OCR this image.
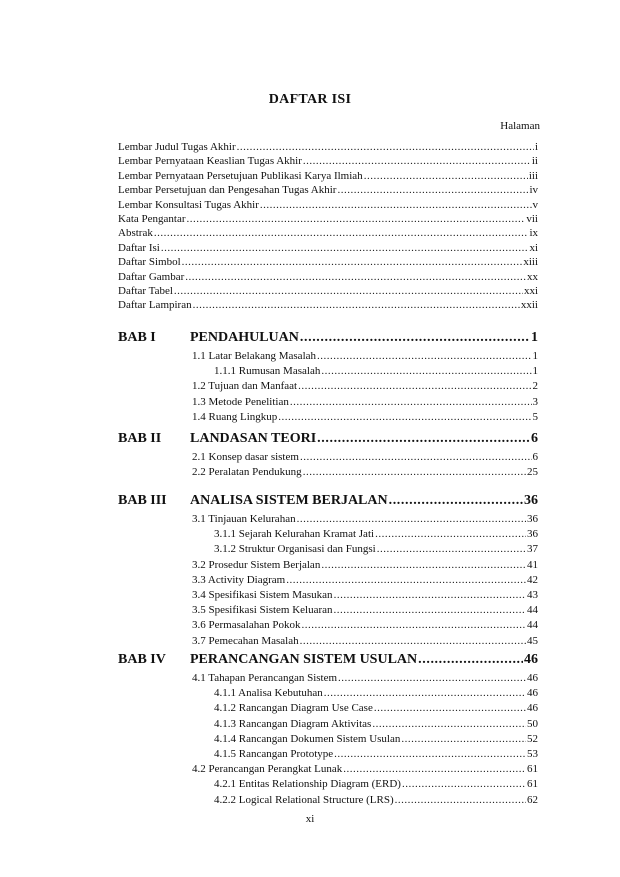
DAFTAR ISI
Halaman
Lembar Judul Tugas Akhir .....	i
Lembar Pernyataan Keaslian Tugas Akhir .....	ii
Lembar Pernyataan Persetujuan Publikasi Karya Ilmiah .....	iii
Lembar Persetujuan dan Pengesahan Tugas Akhir .....	iv
Lembar Konsultasi Tugas Akhir .....	v
Kata Pengantar .....	vii
Abstrak .....	ix
Daftar Isi .....	xi
Daftar Simbol .....	xiii
Daftar Gambar .....	xx
Daftar Tabel .....	xxi
Daftar Lampiran .....	xxii
BAB I PENDAHULUAN .....	1
1.1 Latar Belakang Masalah .....	1
1.1.1 Rumusan Masalah .....	1
1.2 Tujuan dan Manfaat .....	2
1.3 Metode Penelitian .....	3
1.4 Ruang Lingkup .....	5
BAB II LANDASAN TEORI .....	6
2.1 Konsep dasar sistem .....	6
2.2 Peralatan Pendukung .....	25
BAB III ANALISA SISTEM BERJALAN .....	36
3.1 Tinjauan Kelurahan .....	36
3.1.1 Sejarah Kelurahan Kramat Jati .....	36
3.1.2 Struktur Organisasi dan Fungsi .....	37
3.2 Prosedur Sistem Berjalan .....	41
3.3 Activity Diagram .....	42
3.4 Spesifikasi Sistem Masukan .....	43
3.5 Spesifikasi Sistem Keluaran .....	44
3.6 Permasalahan Pokok .....	44
3.7 Pemecahan Masalah .....	45
BAB IV PERANCANGAN SISTEM USULAN .....	46
4.1 Tahapan Perancangan Sistem .....	46
4.1.1 Analisa Kebutuhan .....	46
4.1.2 Rancangan Diagram Use Case .....	46
4.1.3 Rancangan Diagram Aktivitas .....	50
4.1.4 Rancangan Dokumen Sistem Usulan .....	52
4.1.5 Rancangan Prototype .....	53
4.2 Perancangan Perangkat Lunak .....	61
4.2.1 Entitas Relationship Diagram (ERD) .....	61
4.2.2 Logical Relational Structure (LRS) .....	62
xi
